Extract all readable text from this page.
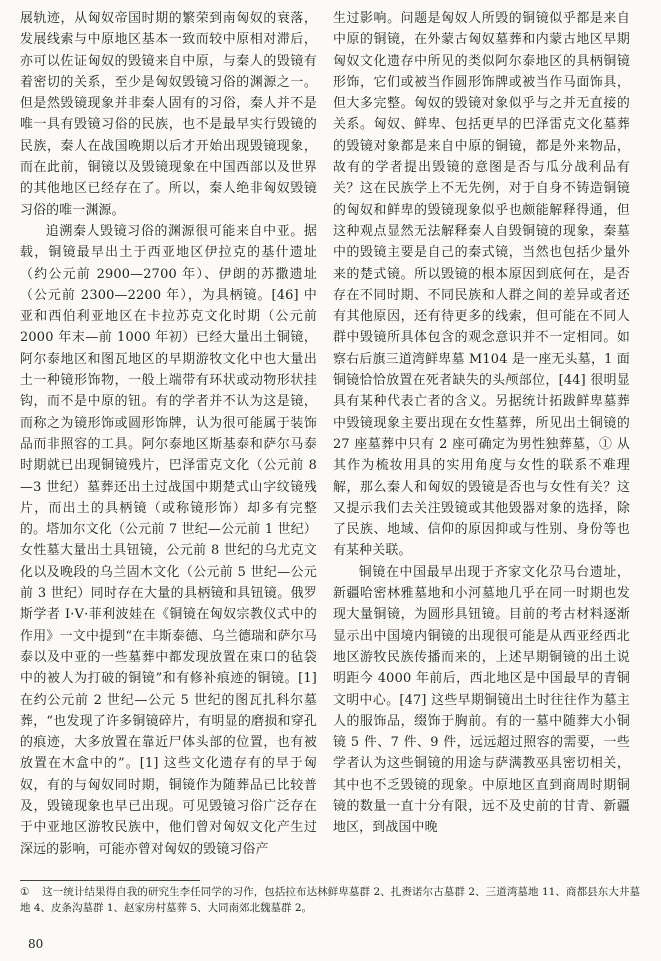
展轨迹，从匈奴帝国时期的繁荣到南匈奴的衰落，发展线索与中原地区基本一致而较中原相对滞后，亦可以佐证匈奴的毁镜来自中原，与秦人的毁镜有着密切的关系，至少是匈奴毁镜习俗的渊源之一。但是然毁镜现象并非秦人固有的习俗，秦人并不是唯一具有毁镜习俗的民族，也不是最早实行毁镜的民族，秦人在战国晚期以后才开始出现毁镜现象，而在此前，铜镜以及毁镜现象在中国西部以及世界的其他地区已经存在了。所以，秦人绝非匈奴毁镜习俗的唯一渊源。

追溯秦人毁镜习俗的渊源很可能来自中亚。据载，铜镜最早出土于西亚地区伊拉克的基什遗址（约公元前 2900—2700 年）、伊朗的苏撒遗址（公元前 2300—2200 年），为具柄镜。[46] 中亚和西伯利亚地区在卡拉苏克文化时期（公元前 2000 年末—前 1000 年初）已经大量出土铜镜，阿尔泰地区和图瓦地区的早期游牧文化中也大量出土一种镜形饰物，一般上端带有环状或动物形状挂钩，而不是中原的钮。有的学者并不认为这是镜，而称之为镜形饰或圆形饰牌，认为很可能属于装饰品而非照容的工具。阿尔泰地区斯基泰和萨尔马泰时期就已出现铜镜残片，巴泽雷克文化（公元前 8—3 世纪）墓葬还出土过战国中期楚式山字纹镜残片，而出土的具柄镜（或称镜形饰）却多有完整的。塔加尔文化（公元前 7 世纪—公元前 1 世纪）女性墓大量出土具钮镜，公元前 8 世纪的乌尤克文化以及晚段的乌兰固木文化（公元前 5 世纪—公元前 3 世纪）同时存在大量的具柄镜和具钮镜。俄罗斯学者 I·V·菲利波娃在《铜镜在匈奴宗教仪式中的作用》一文中提到“在丰斯泰德、乌兰德瑞和萨尔马泰以及中亚的一些墓葬中都发现放置在束口的毡袋中的被人为打破的铜镜”和有修补痕迹的铜镜。[1] 在约公元前 2 世纪—公元 5 世纪的图瓦扎科尔墓葬，“也发现了许多铜镜碎片，有明显的磨损和穿孔的痕迹，大多放置在靠近尸体头部的位置，也有被放置在木盒中的”。[1] 这些文化遗存有的早于匈奴，有的与匈奴同时期，铜镜作为随葬品已比较普及，毁镜现象也早已出现。可见毁镜习俗广泛存在于中亚地区游牧民族中，他们曾对匈奴文化产生过深远的影响，可能亦曾对匈奴的毁镜习俗产

生过影响。问题是匈奴人所毁的铜镜似乎都是来自中原的铜镜，在外蒙古匈奴墓葬和内蒙古地区早期匈奴文化遗存中所见的类似阿尔泰地区的具柄铜镜形饰，它们或被当作圆形饰牌或被当作马面饰具，但大多完整。匈奴的毁镜对象似乎与之并无直接的关系。匈奴、鲜卑、包括更早的巴泽雷克文化墓葬的毁镜对象都是来自中原的铜镜，都是外来物品，故有的学者提出毁镜的意图是否与瓜分战利品有关？这在民族学上不无先例，对于自身不铸造铜镜的匈奴和鲜卑的毁镜现象似乎也颇能解释得通，但这种观点显然无法解释秦人自毁铜镜的现象，秦墓中的毁镜主要是自己的秦式镜，当然也包括少量外来的楚式镜。所以毁镜的根本原因到底何在，是否存在不同时期、不同民族和人群之间的差异或者还有其他原因，还有待更多的线索，但可能在不同人群中毁镜所具体包含的观念意识并不一定相同。如察右后旗三道湾鲜卑墓 M104 是一座无头墓，1 面铜镜恰恰放置在死者缺失的头颅部位，[44] 很明显具有某种代表亡者的含义。另据统计拓跋鲜卑墓葬中毁镜现象主要出现在女性墓葬，所见出土铜镜的 27 座墓葬中只有 2 座可确定为男性独葬墓，① 从其作为梳妆用具的实用角度与女性的联系不难理解，那么秦人和匈奴的毁镜是否也与女性有关？这又提示我们去关注毁镜或其他毁器对象的选择，除了民族、地域、信仰的原因抑或与性别、身份等也有某种关联。

铜镜在中国最早出现于齐家文化尕马台遗址，新疆哈密林雅墓地和小河墓地几乎在同一时期也发现大量铜镜，为圆形具钮镜。目前的考古材料逐渐显示出中国境内铜镜的出现很可能是从西亚经西北地区游牧民族传播而来的，上述早期铜镜的出土说明距今 4000 年前后，西北地区是中国最早的青铜文明中心。[47] 这些早期铜镜出土时往往作为墓主人的服饰品，缀饰于胸前。有的一墓中随葬大小铜镜 5 件、7 件、9 件，远远超过照容的需要，一些学者认为这些铜镜的用途与萨满教巫具密切相关，其中也不乏毁镜的现象。中原地区直到商周时期铜镜的数量一直十分有限，远不及史前的甘青、新疆地区，到战国中晚

① 这一统计结果得自我的研究生李任同学的习作，包括拉布达林鲜卑墓群 2、扎赉诺尔古墓群 2、三道湾墓地 11、商都县东大井墓地 4、皮条沟墓群 1、赵家房村墓葬 5、大同南郊北魏墓群 2。
80
